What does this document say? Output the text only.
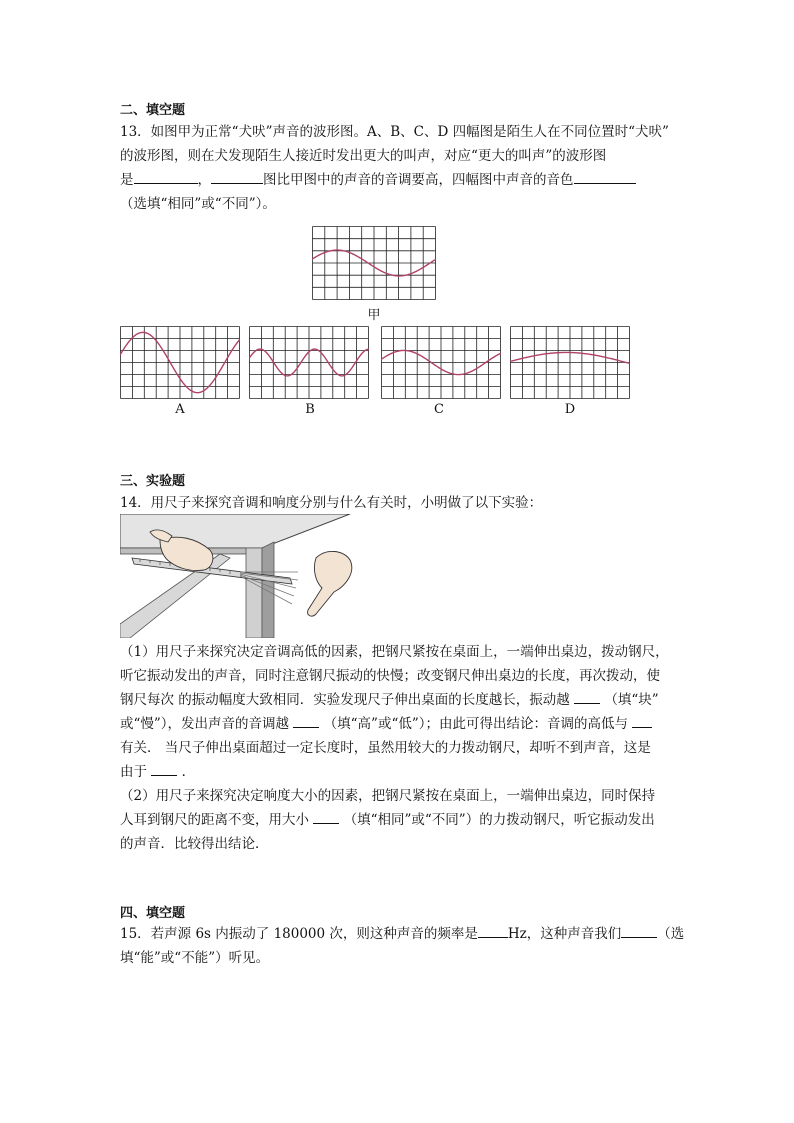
二、填空题
13．如图甲为正常“犬吠”声音的波形图。A、B、C、D 四幅图是陌生人在不同位置时“犬吠”
的波形图，则在犬发现陌生人接近时发出更大的叫声，对应“更大的叫声”的波形图
是	，	图比甲图中的声音的音调要高，四幅图中声音的音色
（选填“相同”或“不同”）。
甲
A	B	C	D
三、实验题
14．用尺子来探究音调和响度分别与什么有关时，小明做了以下实验：
（1）用尺子来探究决定音调高低的因素，把钢尺紧按在桌面上，一端伸出桌边，拨动钢尺，
听它振动发出的声音，同时注意钢尺振动的快慢；改变钢尺伸出桌边的长度，再次拨动，使
钢尺每次 的振动幅度大致相同．实验发现尺子伸出桌面的长度越长，振动越	（填“块”
或“慢”），发出声音的音调越	（填“高”或“低”）；由此可得出结论：音调的高低与
有关． 当尺子伸出桌面超过一定长度时，虽然用较大的力拨动钢尺，却听不到声音，这是
由于	．
（2）用尺子来探究决定响度大小的因素，把钢尺紧按在桌面上，一端伸出桌边，同时保持
人耳到钢尺的距离不变，用大小	（填“相同”或“不同”）的力拨动钢尺，听它振动发出
的声音．比较得出结论．
四、填空题
15．若声源 6s 内振动了 180000 次，则这种声音的频率是 Hz，这种声音我们	（选
填“能”或“不能”）听见。
